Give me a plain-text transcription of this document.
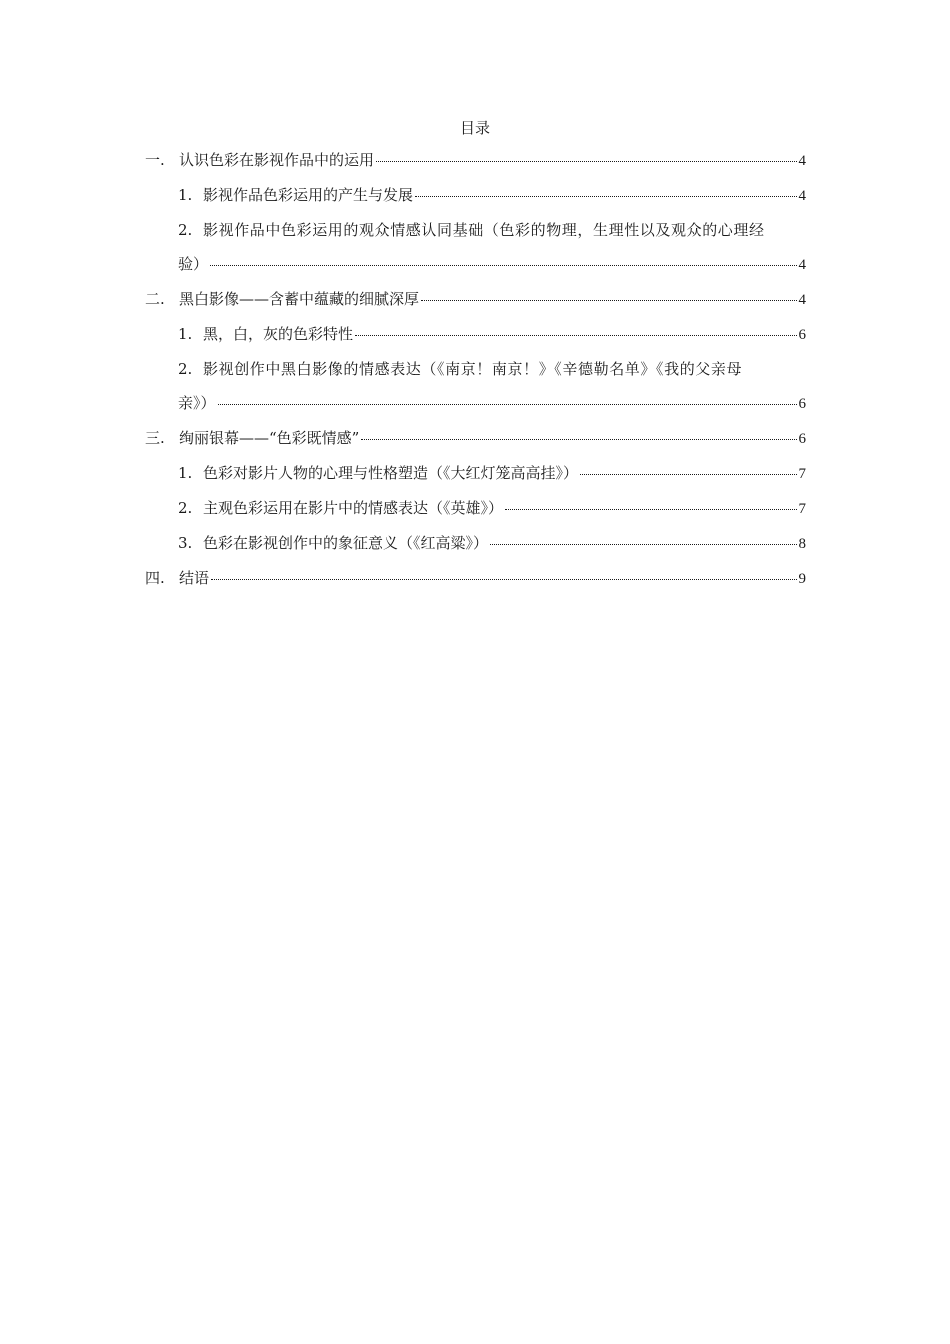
目录
一. 认识色彩在影视作品中的运用	4
1. 影视作品色彩运用的产生与发展	4
2. 影视作品中色彩运用的观众情感认同基础（色彩的物理，生理性以及观众的心理经
验）	4
二. 黑白影像——含蓄中蕴藏的细腻深厚	4
1. 黑，白，灰的色彩特性	6
2. 影视创作中黑白影像的情感表达（《南京！南京！》《辛德勒名单》《我的父亲母
亲》）	6
三. 绚丽银幕——“色彩既情感”	6
1. 色彩对影片人物的心理与性格塑造（《大红灯笼高高挂》）	7
2. 主观色彩运用在影片中的情感表达（《英雄》）	7
3. 色彩在影视创作中的象征意义（《红高粱》）	8
四. 结语	9
